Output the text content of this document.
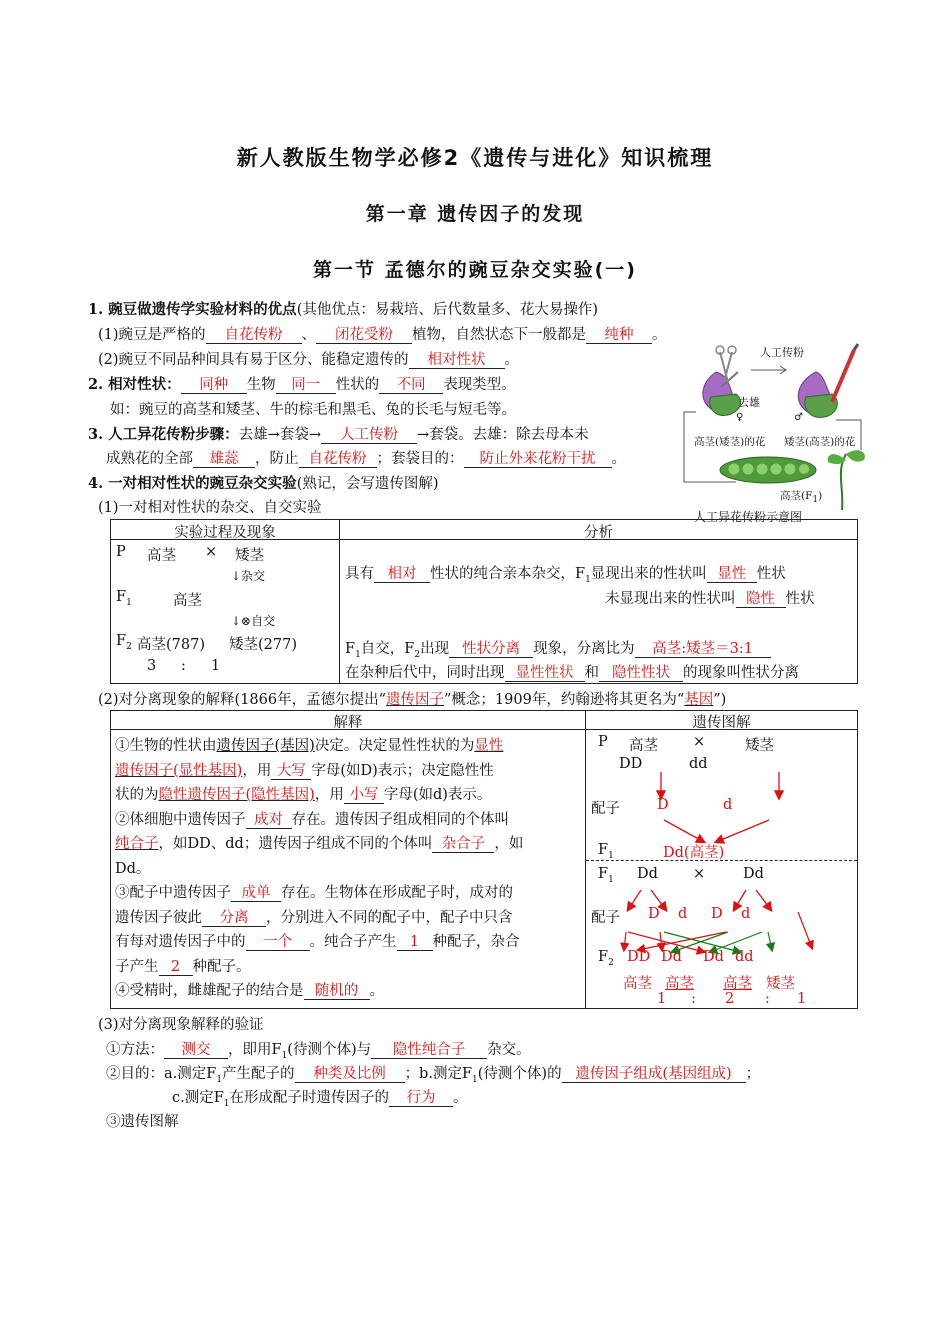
新人教版生物学必修2《遗传与进化》知识梳理
第一章 遗传因子的发现
第一节 孟德尔的豌豆杂交实验(一)
1. 豌豆做遗传学实验材料的优点(其他优点：易栽培、后代数量多、花大易操作)
(1)豌豆是严格的 自花传粉 、 闭花受粉 植物，自然状态下一般都是 纯种 。
(2)豌豆不同品种间具有易于区分、能稳定遗传的 相对性状 。
2. 相对性状： 同种 生物 同一 性状的 不同 表现类型。
如：豌豆的高茎和矮茎、牛的棕毛和黑毛、兔的长毛与短毛等。
3. 人工异花传粉步骤：去雄→套袋→ 人工传粉 →套袋。去雄：除去母本未
成熟花的全部 雄蕊 ，防止 自花传粉 ；套袋目的： 防止外来花粉干扰 。
人工传粉
去雄
♀	♂
高茎(矮茎)的花 矮茎(高茎)的花
高茎$(F_1)$
人工异花传粉示意图
4. 一对相对性状的豌豆杂交实验(熟记，会写遗传图解)
(1)一对相对性状的杂交、自交实验
实验过程及现象	分析
P 高茎 × 矮茎
↓杂交
$F_1$	高茎
↓⊗自交
$F_2$ 高茎(787) 矮茎(277)
3 : 1
具有 相对 性状的纯合亲本杂交，$F_1$显现出来的性状叫 显性 性状
未显现出来的性状叫 隐性 性状
$F_1$自交，$F_2$出现 性状分离 现象，分离比为 高茎:矮茎＝3:1
在杂种后代中，同时出现 显性性状 和 隐性性状 的现象叫性状分离
(2)对分离现象的解释(1866年，孟德尔提出“遗传因子”概念；1909年，约翰逊将其更名为“基因”)
解释	遗传图解
①生物的性状由遗传因子(基因)决定。决定显性性状的为显性
遗传因子(显性基因)，用 大写 字母(如D)表示；决定隐性性
状的为隐性遗传因子(隐性基因)，用 小写 字母(如d)表示。
②体细胞中遗传因子 成对 存在。遗传因子组成相同的个体叫
纯合子，如DD、dd；遗传因子组成不同的个体叫 杂合子 ，如
Dd。
③配子中遗传因子 成单 存在。生物体在形成配子时，成对的
遗传因子彼此 分离 ，分别进入不同的配子中，配子中只含
有每对遗传因子中的 一个 。纯合子产生 1 种配子，杂合
子产生 2 种配子。
④受精时，雌雄配子的结合是 随机的 。
P 高茎 ×	矮茎
DD	dd
配子	D	d
$F_1$	Dd(高茎)
$F_1$ Dd ×	Dd
配子 D d D d
$F_2$ DD Dd Dd dd
高茎 高茎 高茎 矮茎
1 : 2 : 1
(3)对分离现象解释的验证
①方法： 测交 ，即用$F_1$(待测个体)与 隐性纯合子 杂交。
②目的：a.测定$F_1$产生配子的 种类及比例 ；b.测定$F_1$(待测个体)的 遗传因子组成(基因组成) ；
c.测定$F_1$在形成配子时遗传因子的 行为 。
③遗传图解
